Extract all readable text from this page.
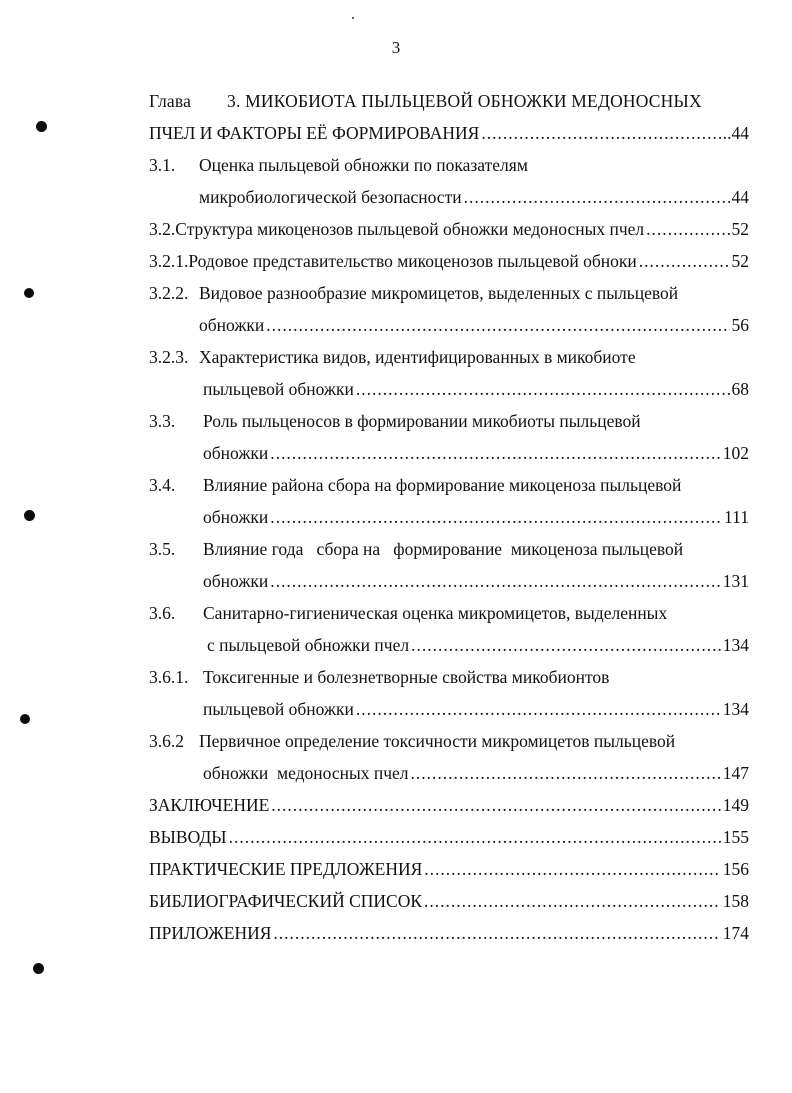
3
Глава 3. МИКОБИОТА ПЫЛЬЦЕВОЙ ОБНОЖКИ МЕДОНОСНЫХ
ПЧЕЛ И ФАКТОРЫ ЕЁ ФОРМИРОВАНИЯ .....	..44
3.1. Оценка пыльцевой обножки по показателям
микробиологической безопасности .....	44
3.2. Структура микоценозов пыльцевой обножки медоносных пчел .....	52
3.2.1. Родовое представительство микоценозов пыльцевой обноки .....	52
3.2.2. Видовое разнообразие микромицетов, выделенных с пыльцевой
обножки .....	56
3.2.3. Характеристика видов, идентифицированных в микобиоте
пыльцевой обножки .....	68
3.3. Роль пыльценосов в формировании микобиоты пыльцевой
обножки .....	102
3.4. Влияние района сбора на формирование микоценоза пыльцевой
обножки .....	111
3.5. Влияние года   сбора на   формирование  микоценоза пыльцевой
обножки .....	131
3.6. Санитарно-гигиеническая оценка микромицетов, выделенных
с пыльцевой обножки пчел .....	134
3.6.1. Токсигенные и болезнетворные свойства микобионтов
пыльцевой обножки .....	134
3.6.2 Первичное определение токсичности микромицетов пыльцевой
обножки  медоносных пчел .....	147
ЗАКЛЮЧЕНИЕ .....	149
ВЫВОДЫ .....	155
ПРАКТИЧЕСКИЕ ПРЕДЛОЖЕНИЯ .....	156
БИБЛИОГРАФИЧЕСКИЙ СПИСОК .....	158
ПРИЛОЖЕНИЯ .....	174
